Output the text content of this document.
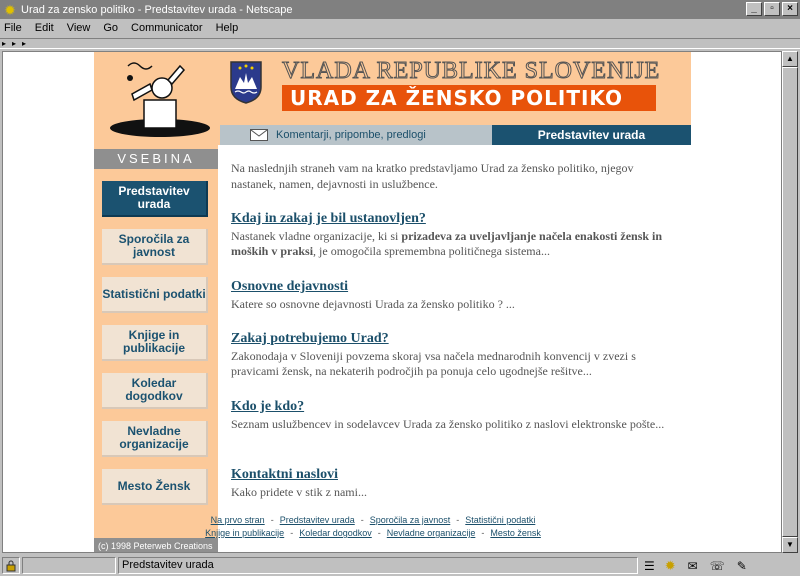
✹ Urad za zensko politiko - Predstavitev urada - Netscape	_	▫	×
File Edit View Go Communicator Help
▸ ▸ ▸
VLADA REPUBLIKE SLOVENIJE
URAD ZA ŽENSKO POLITIKO
Komentarji, pripombe, predlogi	Predstavitev urada
VSEBINA
Predstavitev urada
Sporočila za javnost
Statistični podatki
Knjige in publikacije
Koledar dogodkov
Nevladne organizacije
Mesto Žensk
(c) 1998 Peterweb Creations

Na naslednjih straneh vam na kratko predstavljamo Urad za žensko politiko, njegov nastanek, namen, dejavnosti in uslužbence.

Kdaj in zakaj je bil ustanovljen?

Nastanek vladne organizacije, ki si prizadeva za uveljavljanje načela enakosti žensk in moških v praksi, je omogočila spremembna političnega sistema...

Osnovne dejavnosti

Katere so osnovne dejavnosti Urada za žensko politiko ? ...

Zakaj potrebujemo Urad?

Zakonodaja v Sloveniji povzema skoraj vsa načela mednarodnih konvencij v zvezi s pravicami žensk, na nekaterih področjih pa ponuja celo ugodnejše rešitve...

Kdo je kdo?

Seznam uslužbencev in sodelavcev Urada za žensko politiko z naslovi elektronske pošte...

Kontaktni naslovi

Kako pridete v stik z nami...

Na prvo stran - Predstavitev urada - Sporočila za javnost - Statistični podatki
Knjige in publikacije - Koledar dogodkov - Nevladne organizacije - Mesto žensk
▲
▼
Predstavitev urada	☰ ✹ ✉ ☏ ✎
